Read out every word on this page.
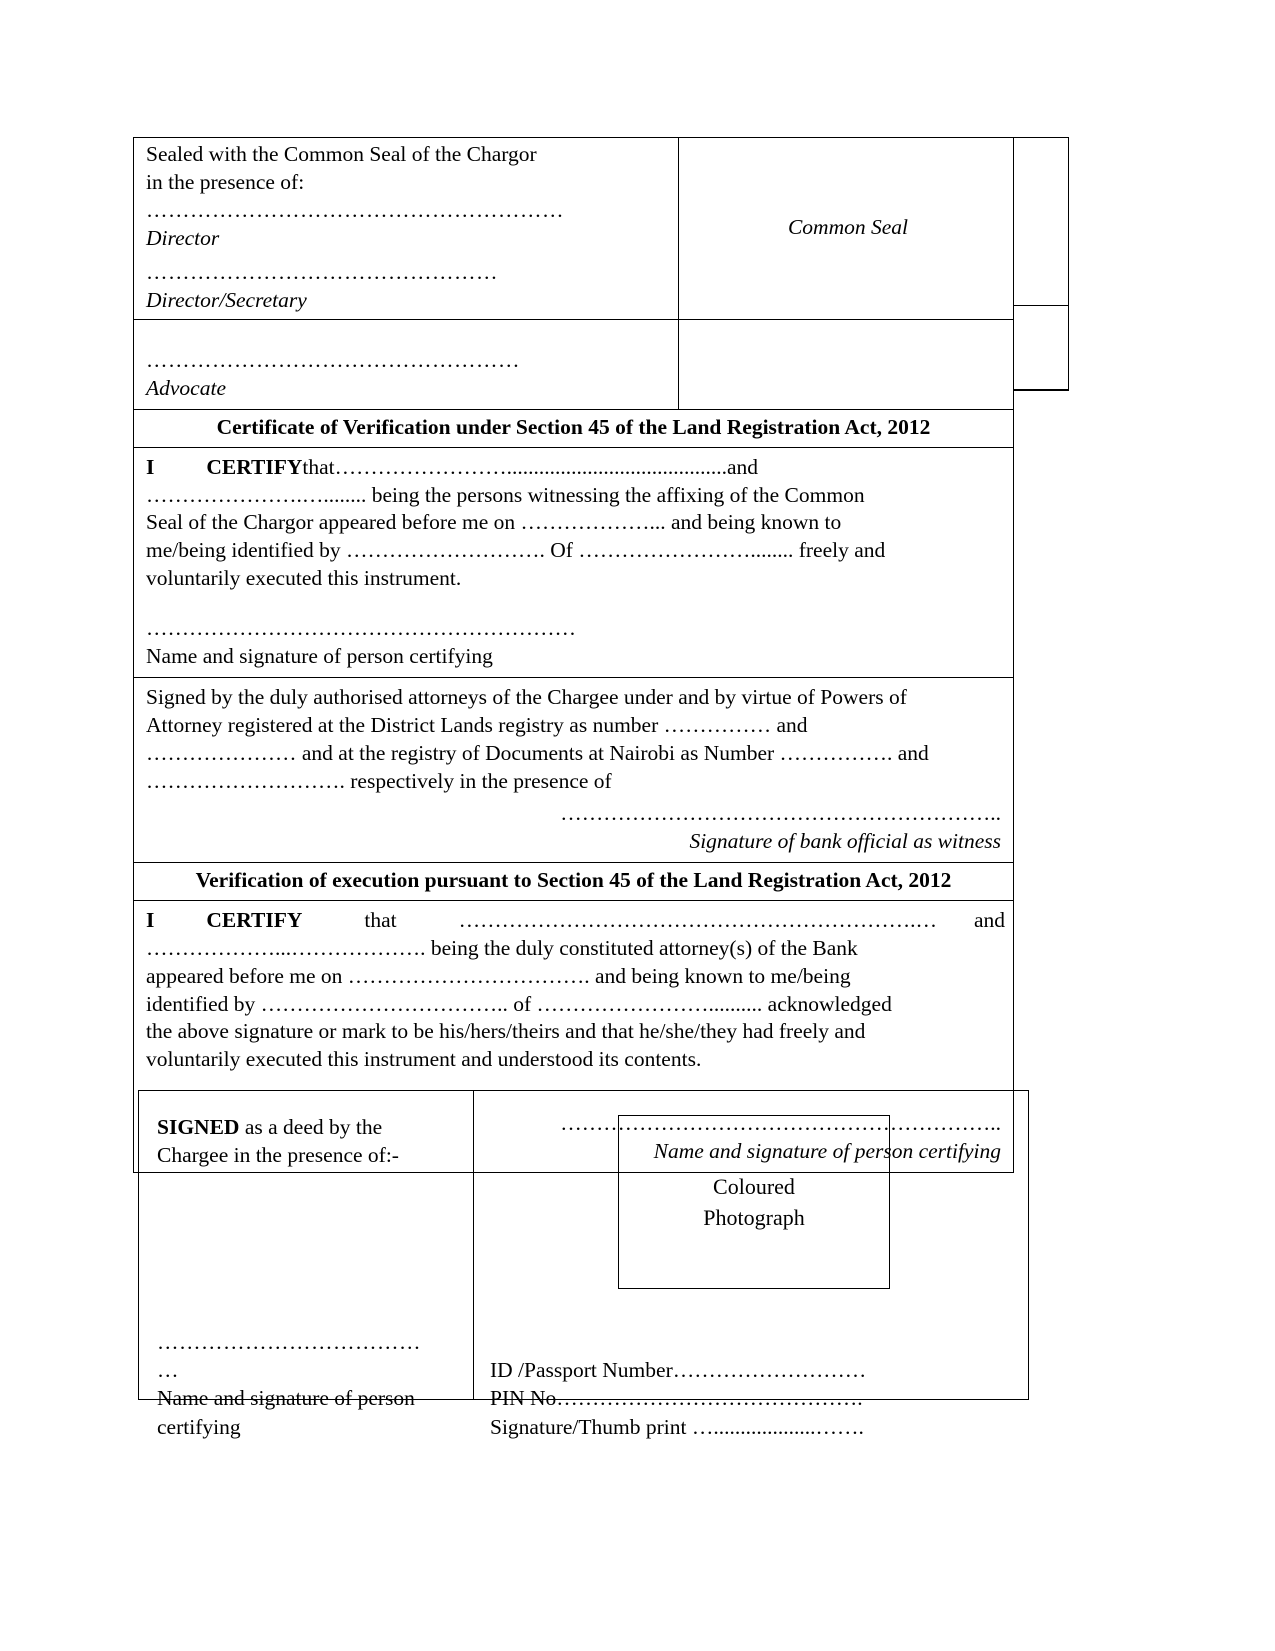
Sealed with the Common Seal of the Chargor
in the presence of:
…………………………………………………
Director
…………………………………………
Director/Secretary
	Common Seal

……………………………………………
Advocate	

Certificate of Verification under Section 45 of the Land Registration Act, 2012	

I CERTIFYthat…………………….........................................and
………………….…........ being the persons witnessing the affixing of the Common
Seal of the Chargor appeared before me on ………………... and being known to
me/being identified by ………………………. Of ……………………........ freely and
voluntarily executed this instrument.
……………………………………………………
Name and signature of person certifying

Signed by the duly authorised attorneys of the Chargee under and by virtue of Powers of
Attorney registered at the District Lands registry as number …………… and
………………… and at the registry of Documents at Nairobi as Number ……………. and
………………………. respectively in the presence of
……………………………………………………..
Signature of bank official as witness

Verification of execution pursuant to Section 45 of the Land Registration Act, 2012	

I CERTIFY	that	……………………………………………………….… and
………………...………………. being the duly constituted attorney(s) of the Bank
appeared before me on ……………………………. and being known to me/being
identified by …………………………….. of …………………….......... acknowledged
the above signature or mark to be his/hers/theirs and that he/she/they had freely and
voluntarily executed this instrument and understood its contents.
……………………………………………………..
Name and signature of person certifying
SIGNED as a deed by the
Chargee in the presence of:-
………………………………
…
Name and signature of person
certifying

Coloured
Photograph
ID /Passport Number………………………
PIN No…………………………………….
Signature/Thumb print …...................…….
